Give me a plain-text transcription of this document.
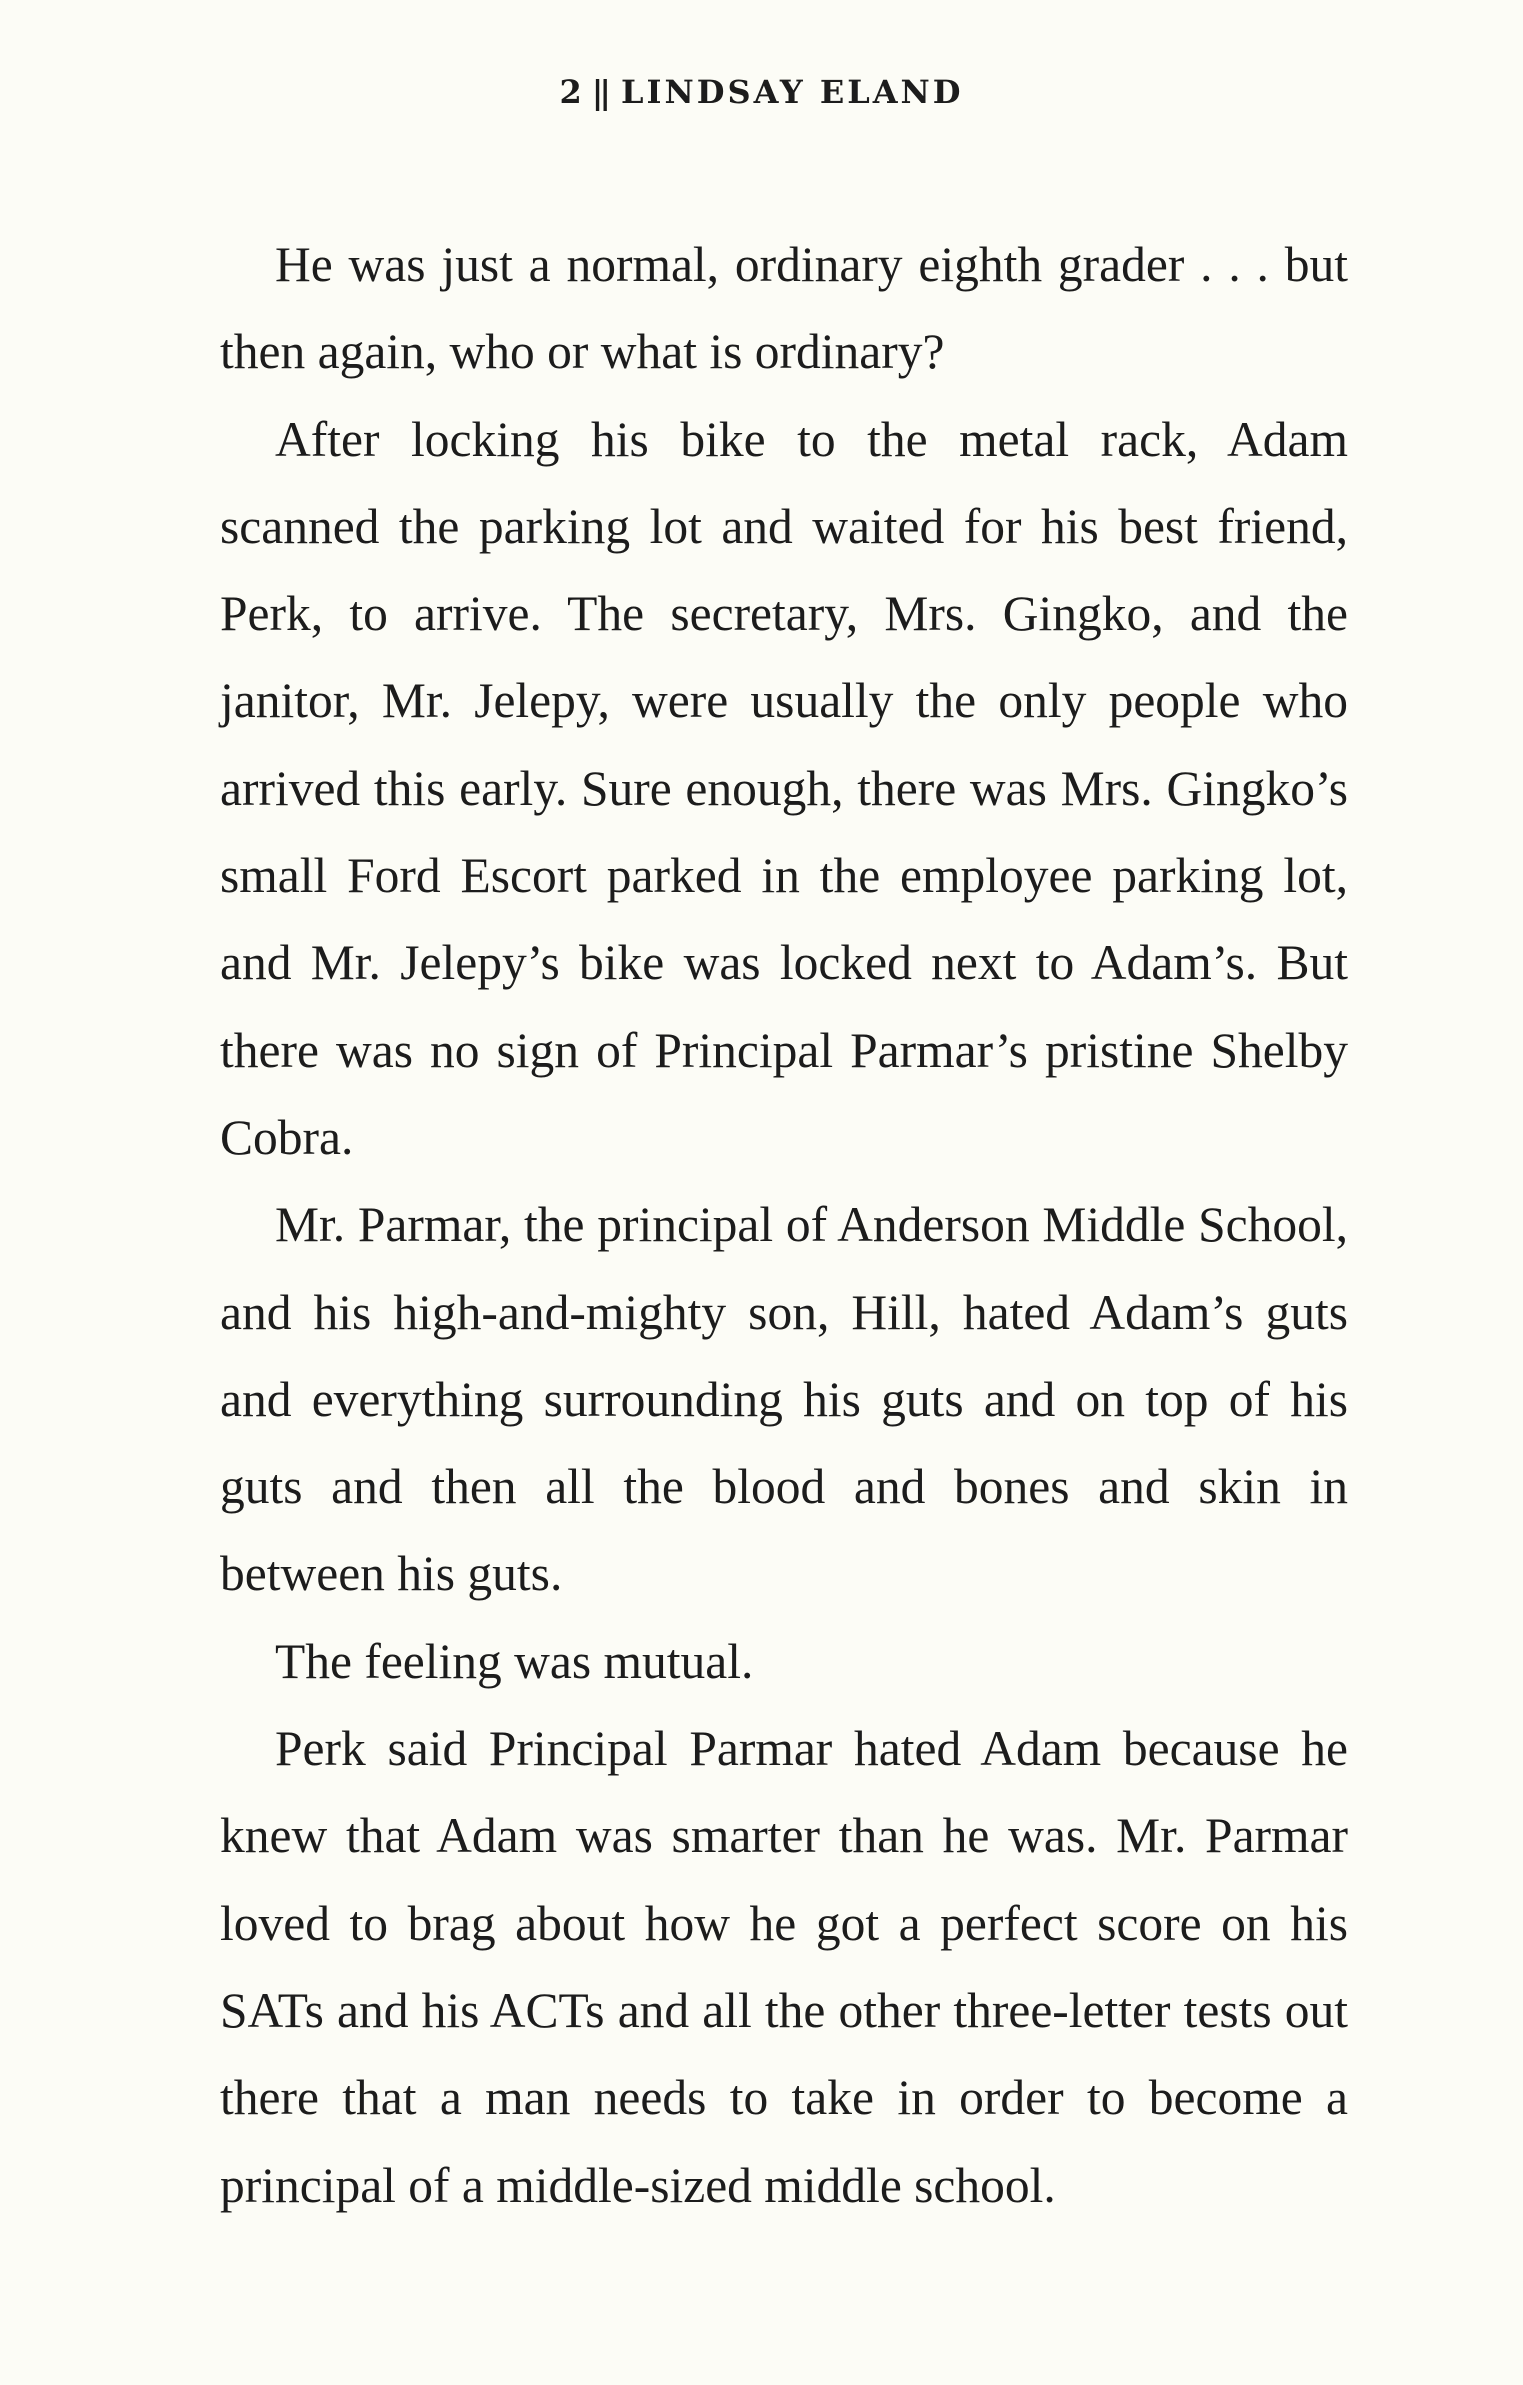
2 || LINDSAY ELAND

He was just a normal, ordinary eighth grader . . . but then again, who or what is ordinary?

After locking his bike to the metal rack, Adam scanned the parking lot and waited for his best friend, Perk, to arrive. The secretary, Mrs. Gingko, and the janitor, Mr. Jelepy, were usually the only people who arrived this early. Sure enough, there was Mrs. Gingko’s small Ford Escort parked in the employee parking lot, and Mr. Jelepy’s bike was locked next to Adam’s. But there was no sign of Principal Parmar’s pristine Shelby Cobra.

Mr. Parmar, the principal of Anderson Middle School, and his high-and-mighty son, Hill, hated Adam’s guts and everything surrounding his guts and on top of his guts and then all the blood and bones and skin in between his guts.

The feeling was mutual.

Perk said Principal Parmar hated Adam because he knew that Adam was smarter than he was. Mr. Parmar loved to brag about how he got a perfect score on his SATs and his ACTs and all the other three-letter tests out there that a man needs to take in order to become a principal of a middle-sized middle school.
